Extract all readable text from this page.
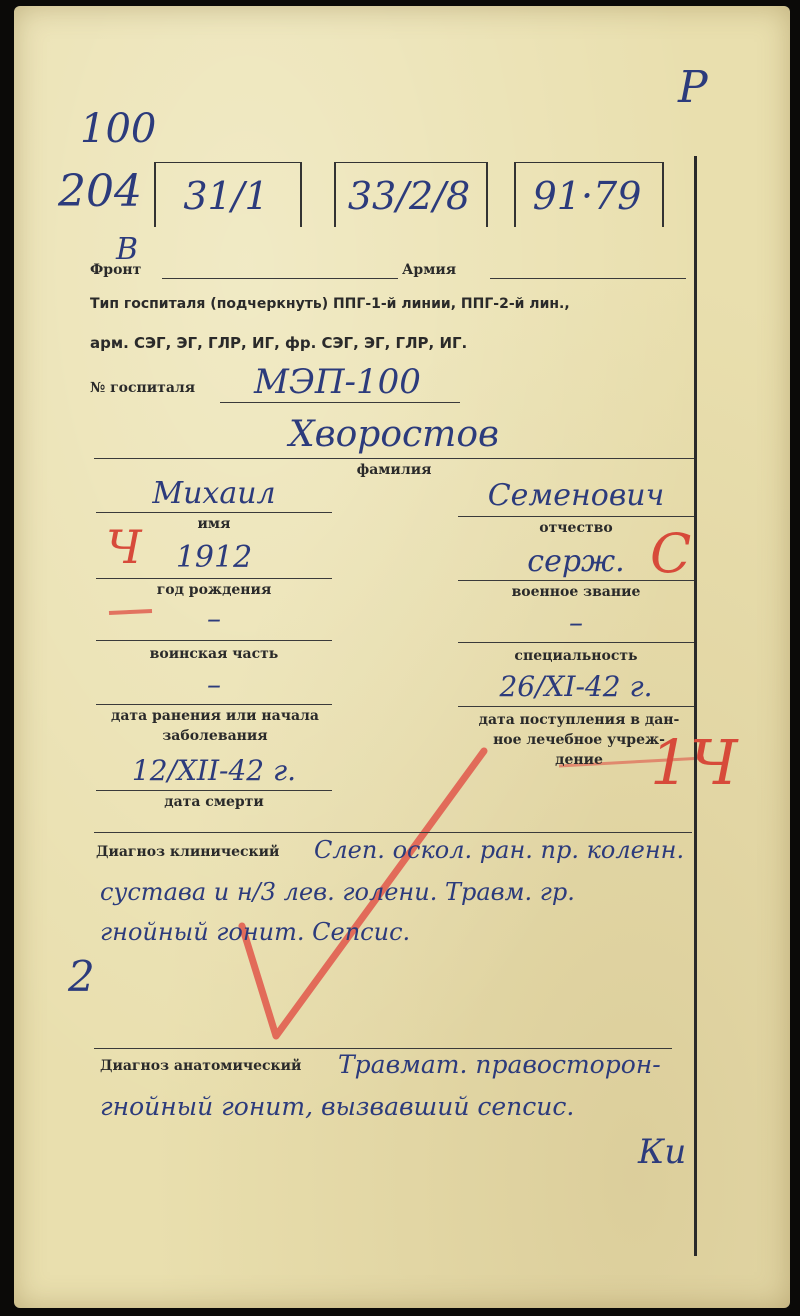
100
204
P
31/1	33/2/8	91·79
В
Фронт	Армия
Тип госпиталя (подчеркнуть) ППГ-1-й линии, ППГ-2-й лин.,
арм. СЭГ, ЭГ, ГЛР, ИГ, фр. СЭГ, ЭГ, ГЛР, ИГ.
№ госпиталя МЭП-100
Хворостов
фамилия
Михаил
имя
Семенович
отчество
Ч	1912
год рождения
серж. С
военное звание
–
воинская часть
–
специальность
–
дата ранения или начала
заболевания
26/XI-42 г.
дата поступления в дан-
ное лечебное учреж-
дение 1Ч
12/XII-42 г.
дата смерти
Диагноз клинический Слеп. оскол. ран. пр. коленн.
сустава и н/3 лев. голени. Травм. гр.
гнойный гонит. Сепсис.
2
Диагноз анатомический Травмат. правосторон-
гнойный гонит, вызвавший сепсис.
Ки
